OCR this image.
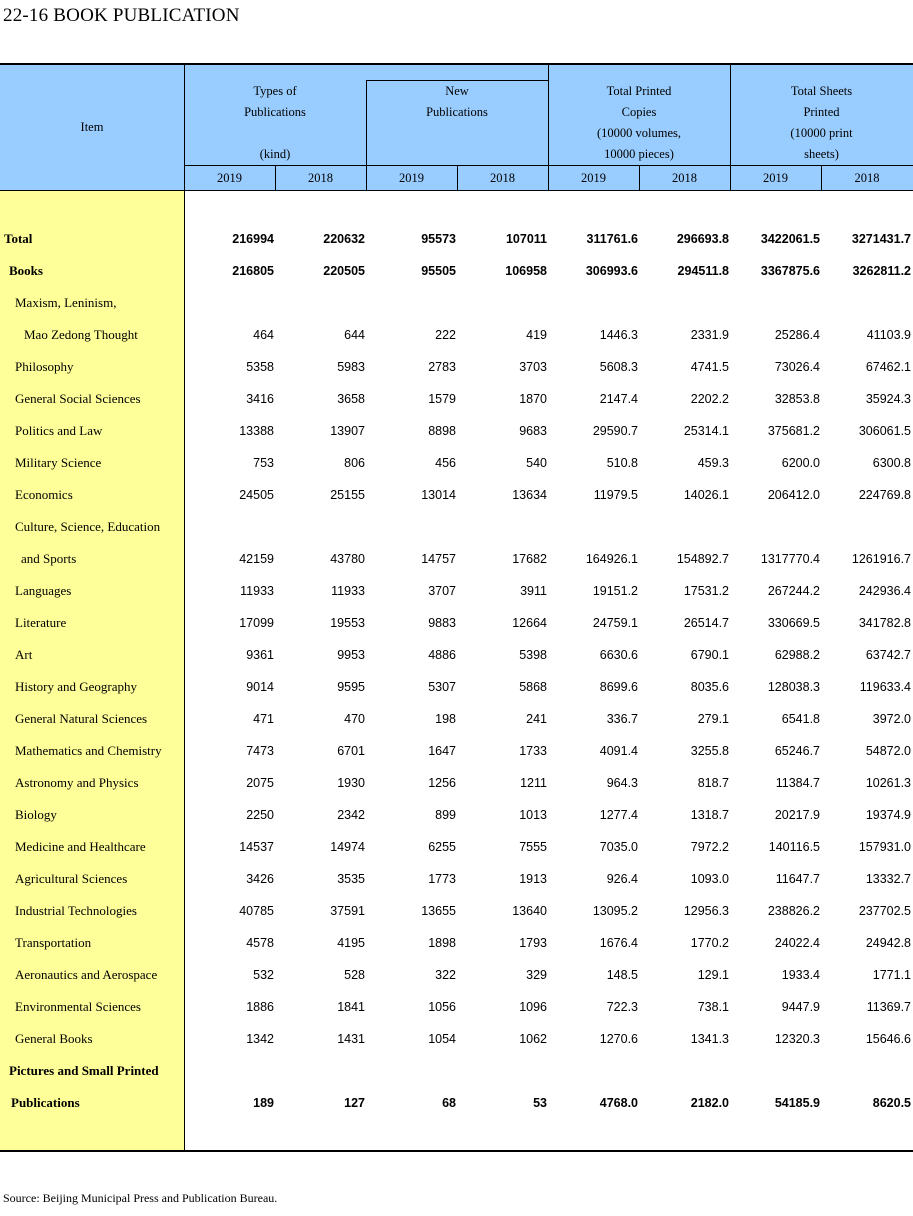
22-16 BOOK PUBLICATION
Item
Types of
Publications
(kind)
New
Publications
Total Printed
Copies
(10000 volumes,
10000 pieces)
Total Sheets
Printed
(10000 print
sheets)
2019	2018	2019	2018	2019	2018	2019	2018
Total	216994	220632	95573	107011	311761.6	296693.8	3422061.5	3271431.7
Books	216805	220505	95505	106958	306993.6	294511.8	3367875.6	3262811.2
Maxism, Leninism,
Mao Zedong Thought	464	644	222	419	1446.3	2331.9	25286.4	41103.9
Philosophy	5358	5983	2783	3703	5608.3	4741.5	73026.4	67462.1
General Social Sciences	3416	3658	1579	1870	2147.4	2202.2	32853.8	35924.3
Politics and Law	13388	13907	8898	9683	29590.7	25314.1	375681.2	306061.5
Military Science	753	806	456	540	510.8	459.3	6200.0	6300.8
Economics	24505	25155	13014	13634	11979.5	14026.1	206412.0	224769.8
Culture, Science, Education
and Sports	42159	43780	14757	17682	164926.1	154892.7	1317770.4	1261916.7
Languages	11933	11933	3707	3911	19151.2	17531.2	267244.2	242936.4
Literature	17099	19553	9883	12664	24759.1	26514.7	330669.5	341782.8
Art	9361	9953	4886	5398	6630.6	6790.1	62988.2	63742.7
History and Geography	9014	9595	5307	5868	8699.6	8035.6	128038.3	119633.4
General Natural Sciences	471	470	198	241	336.7	279.1	6541.8	3972.0
Mathematics and Chemistry	7473	6701	1647	1733	4091.4	3255.8	65246.7	54872.0
Astronomy and Physics	2075	1930	1256	1211	964.3	818.7	11384.7	10261.3
Biology	2250	2342	899	1013	1277.4	1318.7	20217.9	19374.9
Medicine and Healthcare	14537	14974	6255	7555	7035.0	7972.2	140116.5	157931.0
Agricultural Sciences	3426	3535	1773	1913	926.4	1093.0	11647.7	13332.7
Industrial Technologies	40785	37591	13655	13640	13095.2	12956.3	238826.2	237702.5
Transportation	4578	4195	1898	1793	1676.4	1770.2	24022.4	24942.8
Aeronautics and Aerospace	532	528	322	329	148.5	129.1	1933.4	1771.1
Environmental Sciences	1886	1841	1056	1096	722.3	738.1	9447.9	11369.7
General Books	1342	1431	1054	1062	1270.6	1341.3	12320.3	15646.6
Pictures and Small Printed
Publications	189	127	68	53	4768.0	2182.0	54185.9	8620.5
Source: Beijing Municipal Press and Publication Bureau.
